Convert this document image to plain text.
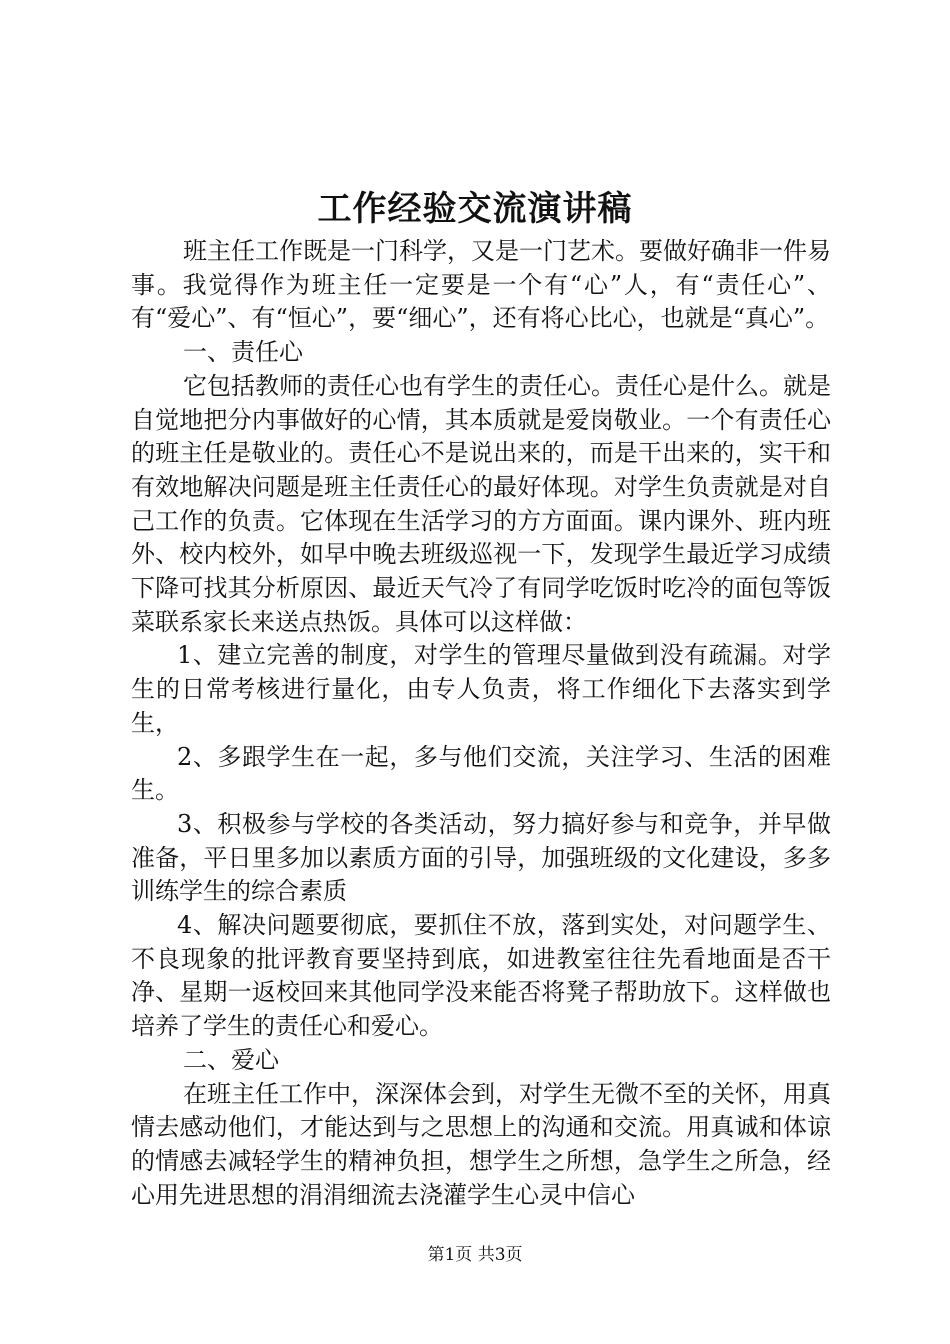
工作经验交流演讲稿

班主任工作既是一门科学，又是一门艺术。要做好确非一件易事。我觉得作为班主任一定要是一个有“心”人，有“责任心”、有“爱心”、有“恒心”，要“细心”，还有将心比心，也就是“真心”。

一、责任心

它包括教师的责任心也有学生的责任心。责任心是什么。就是自觉地把分内事做好的心情，其本质就是爱岗敬业。一个有责任心的班主任是敬业的。责任心不是说出来的，而是干出来的，实干和有效地解决问题是班主任责任心的最好体现。对学生负责就是对自己工作的负责。它体现在生活学习的方方面面。课内课外、班内班外、校内校外，如早中晚去班级巡视一下，发现学生最近学习成绩下降可找其分析原因、最近天气冷了有同学吃饭时吃冷的面包等饭菜联系家长来送点热饭。具体可以这样做：

1、建立完善的制度，对学生的管理尽量做到没有疏漏。对学生的日常考核进行量化，由专人负责，将工作细化下去落实到学生，

2、多跟学生在一起，多与他们交流，关注学习、生活的困难生。

3、积极参与学校的各类活动，努力搞好参与和竞争，并早做准备，平日里多加以素质方面的引导，加强班级的文化建设，多多训练学生的综合素质

4、解决问题要彻底，要抓住不放，落到实处，对问题学生、不良现象的批评教育要坚持到底，如进教室往往先看地面是否干净、星期一返校回来其他同学没来能否将凳子帮助放下。这样做也培养了学生的责任心和爱心。

二、爱心

在班主任工作中，深深体会到，对学生无微不至的关怀，用真情去感动他们，才能达到与之思想上的沟通和交流。用真诚和体谅的情感去减轻学生的精神负担，想学生之所想，急学生之所急，经心用先进思想的涓涓细流去浇灌学生心灵中信心

第1页 共3页
